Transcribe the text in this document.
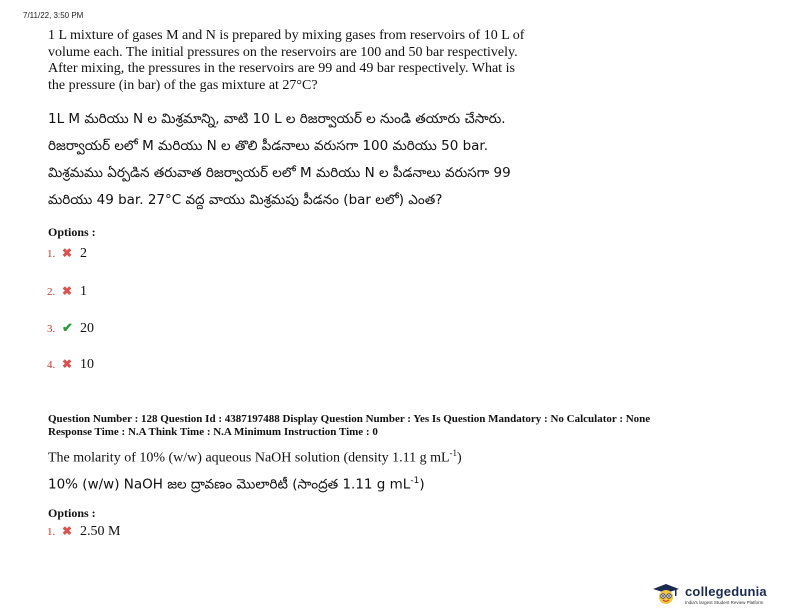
7/11/22, 3:50 PM
1 L mixture of gases M and N is prepared by mixing gases from reservoirs of 10 L of
volume each. The initial pressures on the reservoirs are 100 and 50 bar respectively.
After mixing, the pressures in the reservoirs are 99 and 49 bar respectively. What is
the pressure (in bar) of the gas mixture at 27°C?
1L M మరియు N ల మిశ్రమాన్ని, వాటి 10 L ల రిజర్వాయర్ ల నుండి తయారు చేసారు.
రిజర్వాయర్ లలో M మరియు N ల తొలి పీడనాలు వరుసగా 100 మరియు 50 bar.
మిశ్రమము ఏర్పడిన తరువాత రిజర్వాయర్ లలో M మరియు N ల పీడనాలు వరుసగా 99
మరియు 49 bar. 27°C వద్ద వాయు మిశ్రమపు పీడనం (bar లలో) ఎంత?
Options :
1. ✖ 2
2. ✖ 1
3. ✔ 20
4. ✖ 10
Question Number : 128 Question Id : 4387197488 Display Question Number : Yes Is Question Mandatory : No Calculator : None
Response Time : N.A Think Time : N.A Minimum Instruction Time : 0
The molarity of 10% (w/w) aqueous NaOH solution (density 1.11 g $mL^{-1}$)
10% (w/w) NaOH జల ద్రావణం మొలారిటీ (సాంద్రత 1.11 g $mL^{-1}$)
Options :
1. ✖ 2.50 M
collegedunia
India's largest Student Review Platform
